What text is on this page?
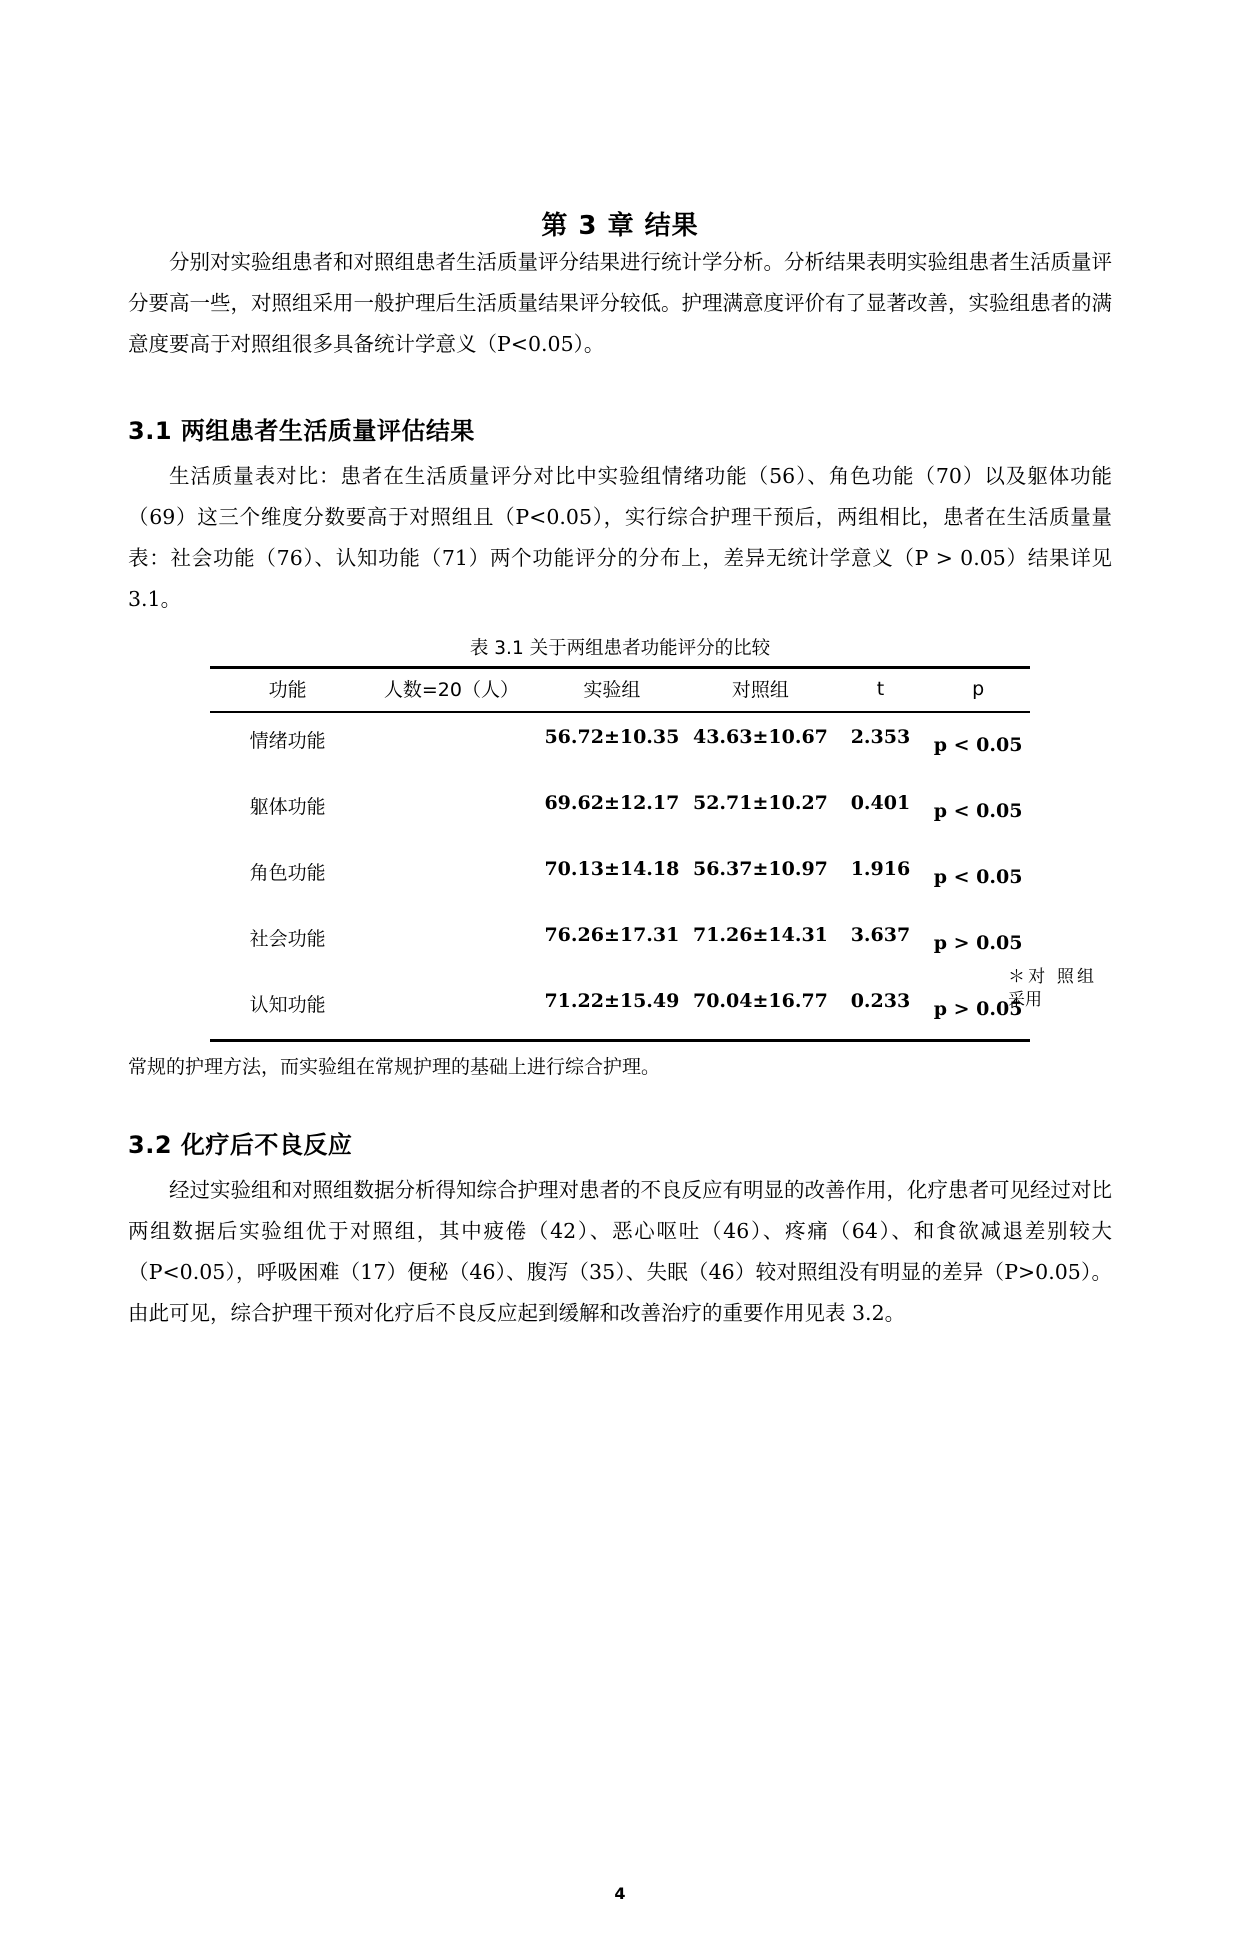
第 3 章 结果

分别对实验组患者和对照组患者生活质量评分结果进行统计学分析。分析结果表明实验组患者生活质量评分要高一些，对照组采用一般护理后生活质量结果评分较低。护理满意度评价有了显著改善，实验组患者的满意度要高于对照组很多具备统计学意义（P<0.05）。

3.1 两组患者生活质量评估结果

生活质量表对比：患者在生活质量评分对比中实验组情绪功能（56）、角色功能（70）以及躯体功能（69）这三个维度分数要高于对照组且（P<0.05），实行综合护理干预后，两组相比，患者在生活质量量表：社会功能（76）、认知功能（71）两个功能评分的分布上，差异无统计学意义（P > 0.05）结果详见 3.1。

表 3.1 关于两组患者功能评分的比较
功能	人数=20（人）	实验组	对照组	t	p
情绪功能		56.72±10.35	43.63±10.67	2.353	p < 0.05
躯体功能		69.62±12.17	52.71±10.27	0.401	p < 0.05
角色功能		70.13±14.18	56.37±10.97	1.916	p < 0.05
社会功能		76.26±17.31	71.26±14.31	3.637	p > 0.05
认知功能		71.22±15.49	70.04±16.77	0.233	p > 0.05
＊对 照组采用

常规的护理方法，而实验组在常规护理的基础上进行综合护理。

3.2 化疗后不良反应

经过实验组和对照组数据分析得知综合护理对患者的不良反应有明显的改善作用，化疗患者可见经过对比两组数据后实验组优于对照组，其中疲倦（42）、恶心呕吐（46）、疼痛（64）、和食欲减退差别较大（P<0.05），呼吸困难（17）便秘（46）、腹泻（35）、失眠（46）较对照组没有明显的差异（P>0.05）。由此可见，综合护理干预对化疗后不良反应起到缓解和改善治疗的重要作用见表 3.2。

4
